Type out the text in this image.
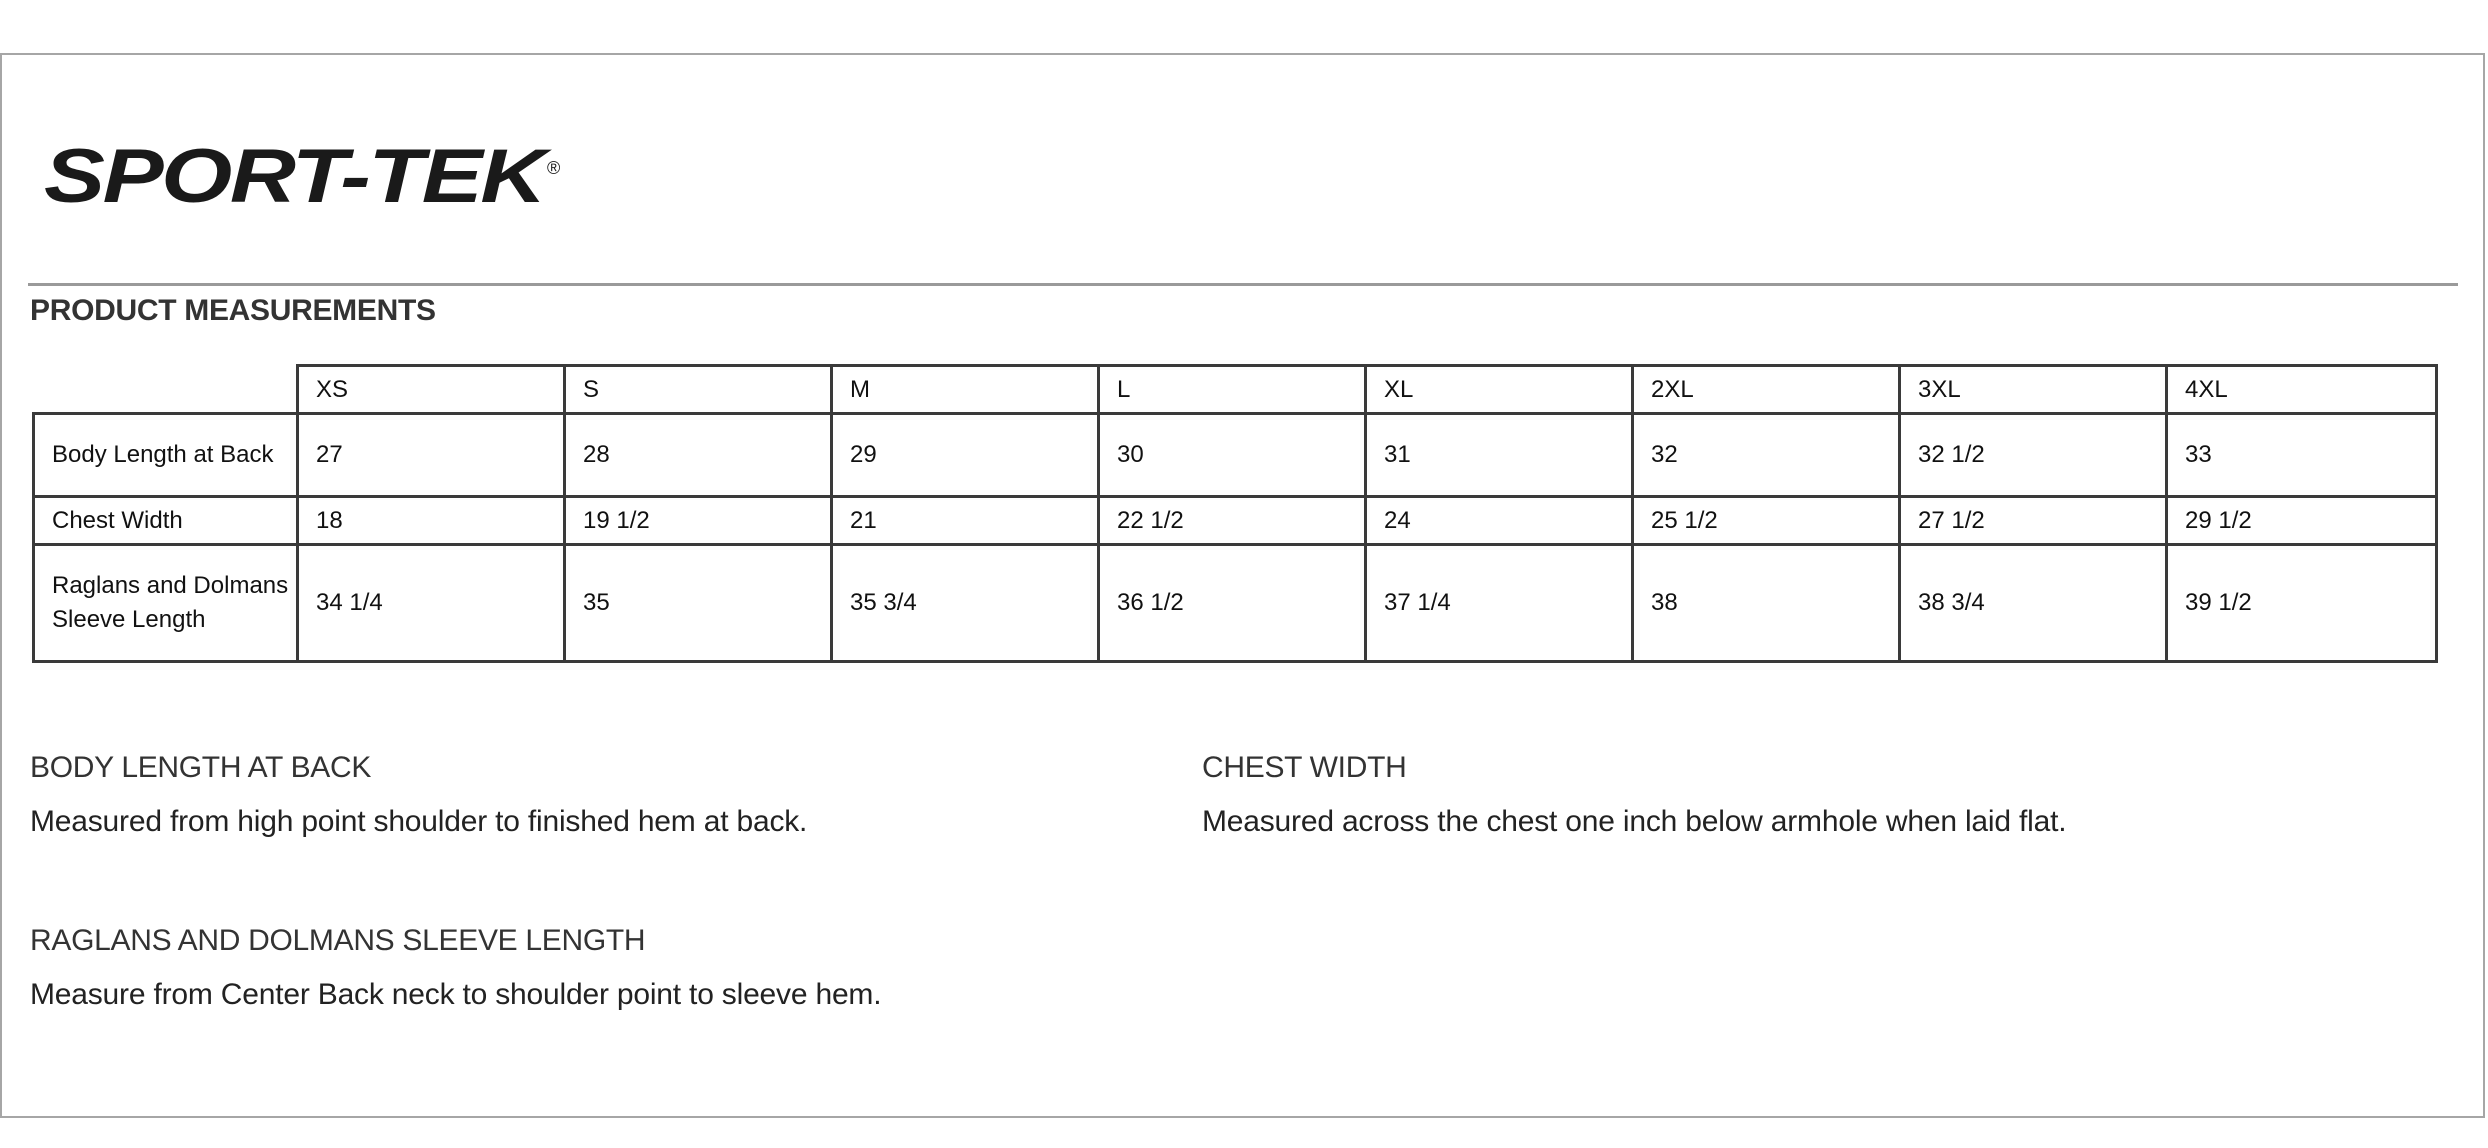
SPORT-TEK
®
PRODUCT MEASUREMENTS
	XS	S	M	L	XL	2XL	3XL	4XL
Body Length at Back	27	28	29	30	31	32	32 1/2	33
Chest Width	18	19 1/2	21	22 1/2	24	25 1/2	27 1/2	29 1/2
Raglans and Dolmans Sleeve Length	34 1/4	35	35 3/4	36 1/2	37 1/4	38	38 3/4	39 1/2
BODY LENGTH AT BACK
Measured from high point shoulder to finished hem at back.
CHEST WIDTH
Measured across the chest one inch below armhole when laid flat.
RAGLANS AND DOLMANS SLEEVE LENGTH
Measure from Center Back neck to shoulder point to sleeve hem.
